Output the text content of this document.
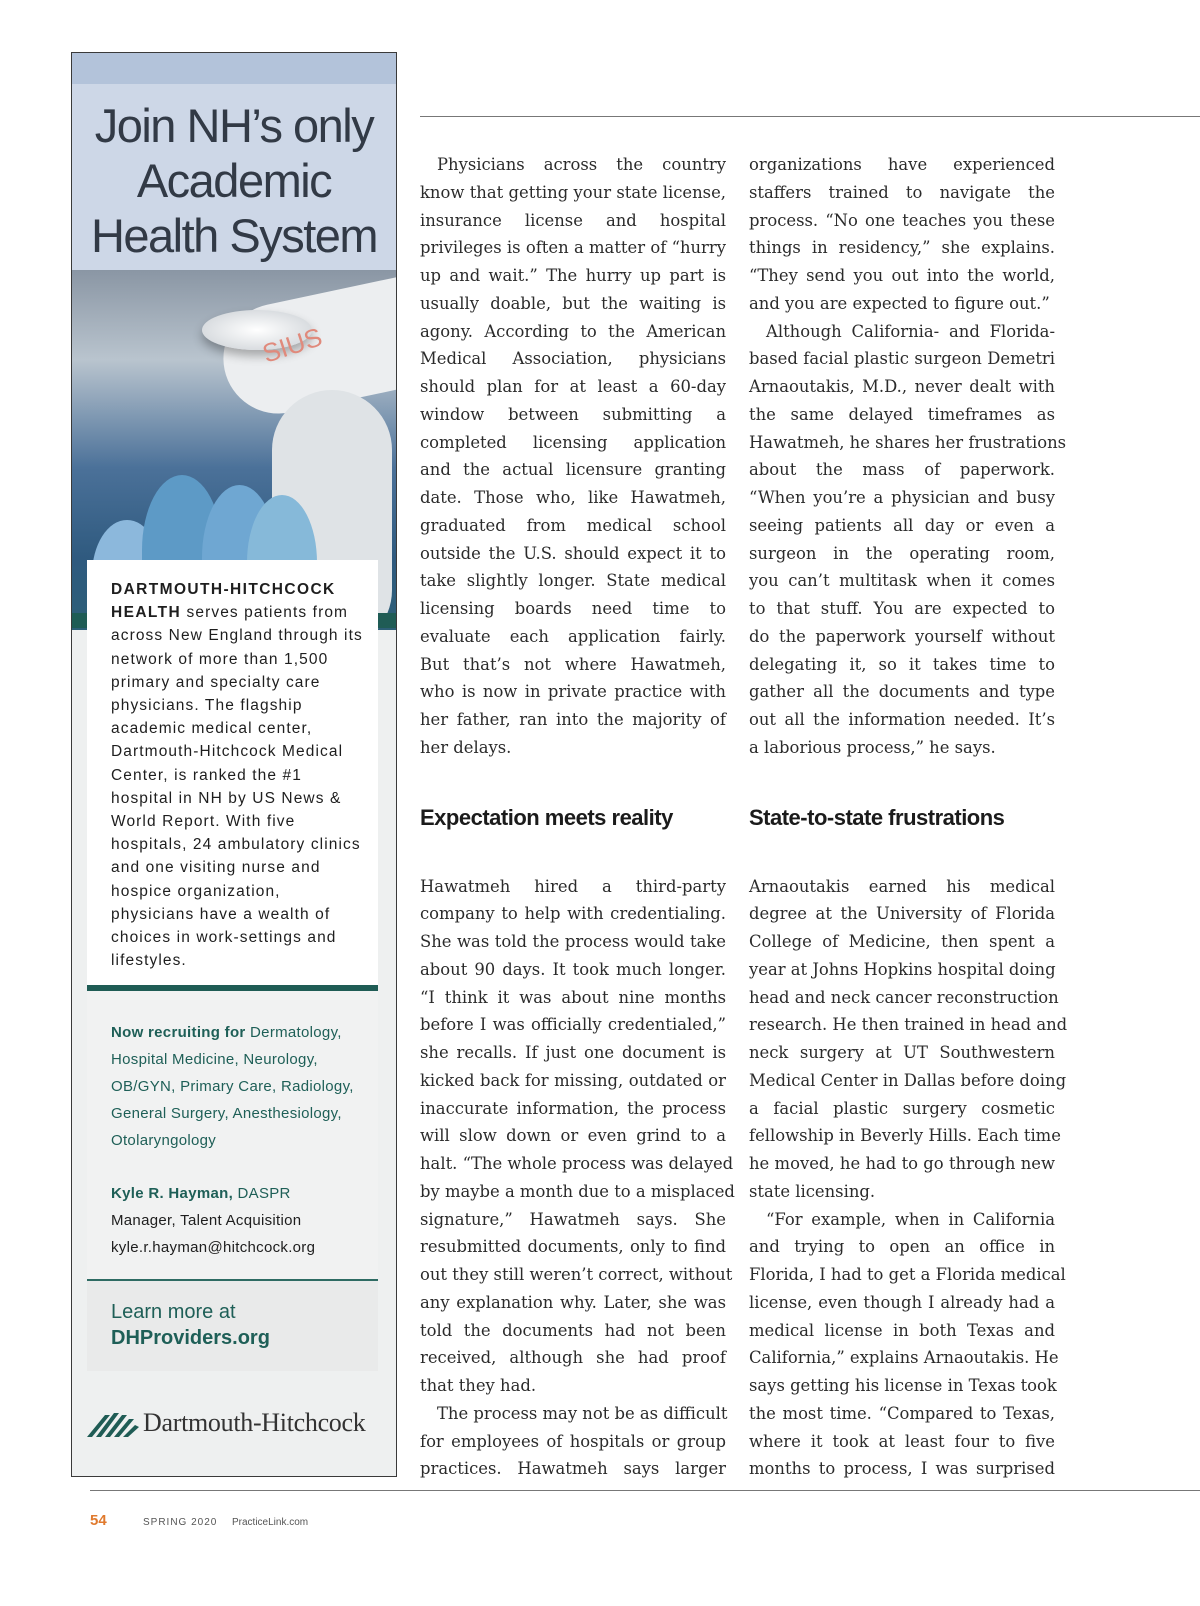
Join NH’s only
Academic
Health System
SIUS
DARTMOUTH-HITCHCOCK HEALTH serves patients from across New England through its network of more than 1,500 primary and specialty care physicians. The flagship academic medical center, Dartmouth-Hitchcock Medical Center, is ranked the #1 hospital in NH by US News & World Report. With five hospitals, 24 ambulatory clinics and one visiting nurse and hospice organization, physicians have a wealth of choices in work-settings and lifestyles.
Now recruiting for Dermatology, Hospital Medicine, Neurology, OB/GYN, Primary Care, Radiology, General Surgery, Anesthesiology, Otolaryngology
Kyle R. Hayman, DASPR
Manager, Talent Acquisition
kyle.r.hayman@hitchcock.org
Learn more at
DHProviders.org
Dartmouth-Hitchcock
Physicians across the country
know that getting your state license,
insurance license and hospital
privileges is often a matter of “hurry
up and wait.” The hurry up part is
usually doable, but the waiting is
agony. According to the American
Medical Association, physicians
should plan for at least a 60-day
window between submitting a
completed licensing application
and the actual licensure granting
date. Those who, like Hawatmeh,
graduated from medical school
outside the U.S. should expect it to
take slightly longer. State medical
licensing boards need time to
evaluate each application fairly.
But that’s not where Hawatmeh,
who is now in private practice with
her father, ran into the majority of
her delays.
Expectation meets reality
Hawatmeh hired a third-party
company to help with credentialing.
She was told the process would take
about 90 days. It took much longer.
“I think it was about nine months
before I was officially credentialed,”
she recalls. If just one document is
kicked back for missing, outdated or
inaccurate information, the process
will slow down or even grind to a
halt. “The whole process was delayed
by maybe a month due to a misplaced
signature,” Hawatmeh says. She
resubmitted documents, only to find
out they still weren’t correct, without
any explanation why. Later, she was
told the documents had not been
received, although she had proof
that they had.
The process may not be as difficult
for employees of hospitals or group
practices. Hawatmeh says larger
organizations have experienced
staffers trained to navigate the
process. “No one teaches you these
things in residency,” she explains.
“They send you out into the world,
and you are expected to figure out.”
Although California- and Florida-
based facial plastic surgeon Demetri
Arnaoutakis, M.D., never dealt with
the same delayed timeframes as
Hawatmeh, he shares her frustrations
about the mass of paperwork.
“When you’re a physician and busy
seeing patients all day or even a
surgeon in the operating room,
you can’t multitask when it comes
to that stuff. You are expected to
do the paperwork yourself without
delegating it, so it takes time to
gather all the documents and type
out all the information needed. It’s
a laborious process,” he says.
State-to-state frustrations
Arnaoutakis earned his medical
degree at the University of Florida
College of Medicine, then spent a
year at Johns Hopkins hospital doing
head and neck cancer reconstruction
research. He then trained in head and
neck surgery at UT Southwestern
Medical Center in Dallas before doing
a facial plastic surgery cosmetic
fellowship in Beverly Hills. Each time
he moved, he had to go through new
state licensing.
“For example, when in California
and trying to open an office in
Florida, I had to get a Florida medical
license, even though I already had a
medical license in both Texas and
California,” explains Arnaoutakis. He
says getting his license in Texas took
the most time. “Compared to Texas,
where it took at least four to five
months to process, I was surprised
54	SPRING 2020 PracticeLink.com
